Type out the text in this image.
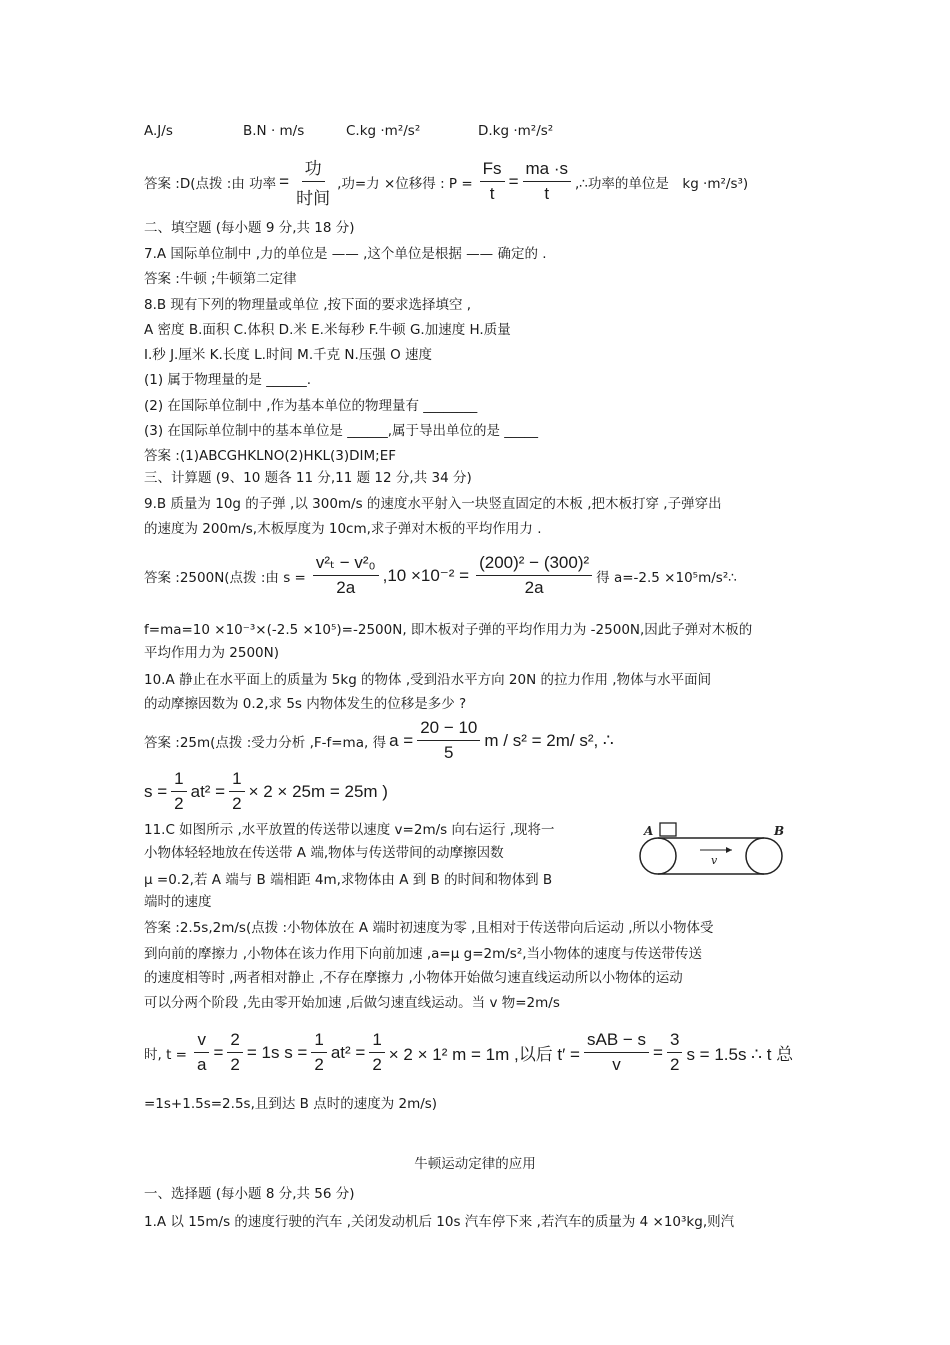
A.J/s	B.N · m/s	C.kg ·m²/s²	D.kg ·m²/s²
答案 :D(点拨 :由 功率 = $\frac{\text{功}}{\text{时间}}$ ,功=力 ×位移得 : $P = \frac{Fs}{t} = \frac{ma \cdot s}{t}$ ,∴功率的单位是　kg ·m²/s³)
二、填空题 (每小题 9 分,共 18 分)
7.A 国际单位制中 ,力的单位是 —— ,这个单位是根据 —— 确定的 .
答案 :牛顿 ;牛顿第二定律
8.B 现有下列的物理量或单位 ,按下面的要求选择填空 ,
A 密度 B.面积 C.体积 D.米 E.米每秒 F.牛顿 G.加速度 H.质量
I.秒 J.厘米 K.长度 L.时间 M.千克 N.压强 O 速度
(1) 属于物理量的是 ______.
(2) 在国际单位制中 ,作为基本单位的物理量有 ________
(3) 在国际单位制中的基本单位是 ______,属于导出单位的是 _____
答案 :(1)ABCGHKLNO(2)HKL(3)DIM;EF
三、计算题 (9、10 题各 11 分,11 题 12 分,共 34 分)
9.B 质量为 10g 的子弹 ,以 300m/s 的速度水平射入一块竖直固定的木板 ,把木板打穿 ,子弹穿出
的速度为 200m/s,木板厚度为 10cm,求子弹对木板的平均作用力 .
答案 :2500N(点拨 :由 $s = \frac{\text{v²ₜ − v²₀}}{2a} ,10 \times 10^{-2} = \frac{\text{(200)² − (300)²}}{2a}$ 得 a=-2.5 ×10⁵m/s²∴
f=ma=10 ×10⁻³×(-2.5 ×10⁵)=-2500N, 即木板对子弹的平均作用力为 -2500N,因此子弹对木板的
平均作用力为 2500N)
10.A 静止在水平面上的质量为 5kg 的物体 ,受到沿水平方向 20N 的拉力作用 ,物体与水平面间
的动摩擦因数为 0.2,求 5s 内物体发生的位移是多少 ?
答案 :25m(点拨 :受力分析 ,F-f=ma, 得 $a = \frac{20 - 10}{5}$ m / s² = 2m/ s², ∴
$s = \frac{1}{2} at^2 = \frac{1}{2} \times 2 \times 25m = 25m$ )
11.C 如图所示 ,水平放置的传送带以速度 v=2m/s 向右运行 ,现将一
小物体轻轻地放在传送带 A 端,物体与传送带间的动摩擦因数
μ =0.2,若 A 端与 B 端相距 4m,求物体由 A 到 B 的时间和物体到 B
端时的速度
A	B
v
答案 :2.5s,2m/s(点拨 :小物体放在 A 端时初速度为零 ,且相对于传送带向后运动 ,所以小物体受
到向前的摩擦力 ,小物体在该力作用下向前加速 ,a=μ g=2m/s²,当小物体的速度与传送带传送
的速度相等时 ,两者相对静止 ,不存在摩擦力 ,小物体开始做匀速直线运动所以小物体的运动
可以分两个阶段 ,先由零开始加速 ,后做匀速直线运动。当 v 物=2m/s
时, $t = \frac{v}{a} = \frac{2}{2} = 1s$ $s = \frac{1}{2} at^2 = \frac{1}{2} \times 2 \times 1^2$ m = 1m ,以后 $t' = \frac{\text{sAB − s}}{v} = \frac{3}{2}$ s = 1.5s ∴ t 总
=1s+1.5s=2.5s,且到达 B 点时的速度为 2m/s)
牛顿运动定律的应用
一、选择题 (每小题 8 分,共 56 分)
1.A 以 15m/s 的速度行驶的汽车 ,关闭发动机后 10s 汽车停下来 ,若汽车的质量为 4 ×10³kg,则汽
